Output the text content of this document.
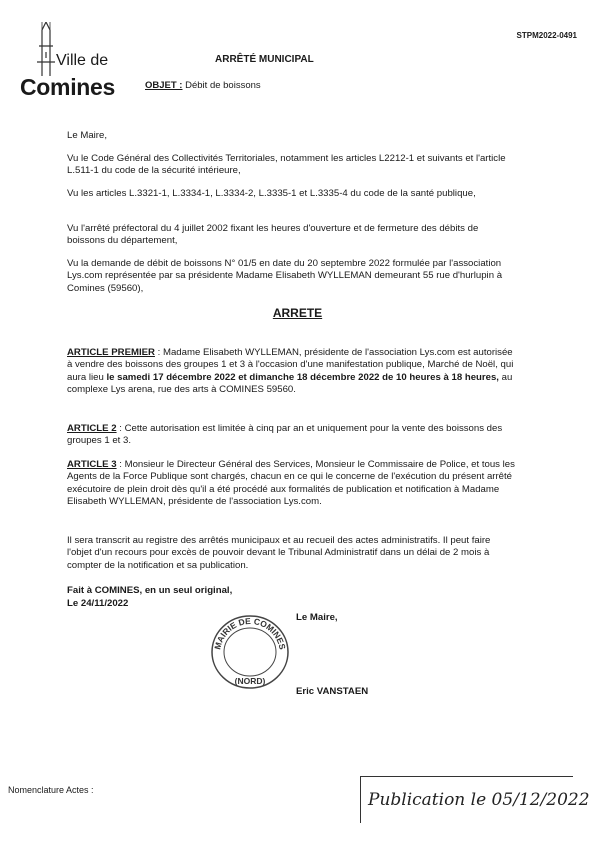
STPM2022-0491
Ville de
Comines
ARRÊTÉ MUNICIPAL
OBJET : Débit de boissons
Le Maire,
Vu le Code Général des Collectivités Territoriales, notamment les articles L2212-1 et suivants et l'article L.511-1 du code de la sécurité intérieure,
Vu les articles L.3321-1, L.3334-1, L.3334-2, L.3335-1 et L.3335-4 du code de la santé publique,
Vu l'arrêté préfectoral du 4 juillet 2002 fixant les heures d'ouverture et de fermeture des débits de boissons du département,
Vu la demande de débit de boissons N° 01/5 en date du 20 septembre 2022 formulée par l'association Lys.com représentée par sa présidente Madame Elisabeth WYLLEMAN demeurant 55 rue d'hurlupin à Comines (59560),
ARRETE
ARTICLE PREMIER : Madame Elisabeth WYLLEMAN, présidente de l'association Lys.com est autorisée à vendre des boissons des groupes 1 et 3 à l'occasion d'une manifestation publique, Marché de Noël, qui aura lieu le samedi 17 décembre 2022 et dimanche 18 décembre 2022 de 10 heures à 18 heures, au complexe Lys arena, rue des arts à COMINES 59560.
ARTICLE 2 : Cette autorisation est limitée à cinq par an et uniquement pour la vente des boissons des groupes 1 et 3.
ARTICLE 3 : Monsieur le Directeur Général des Services, Monsieur le Commissaire de Police, et tous les Agents de la Force Publique sont chargés, chacun en ce qui le concerne de l'exécution du présent arrêté exécutoire de plein droit dès qu'il a été procédé aux formalités de publication et notification à Madame Elisabeth WYLLEMAN, présidente de l'association Lys.com.
Il sera transcrit au registre des arrêtés municipaux et au recueil des actes administratifs. Il peut faire l'objet d'un recours pour excès de pouvoir devant le Tribunal Administratif dans un délai de 2 mois à compter de la notification et sa publication.
Fait à COMINES, en un seul original,
Le 24/11/2022
Le Maire,
MAIRIE DE COMINES
(NORD)
Eric VANSTAEN
Nomenclature Actes :	Publication le 05/12/2022
